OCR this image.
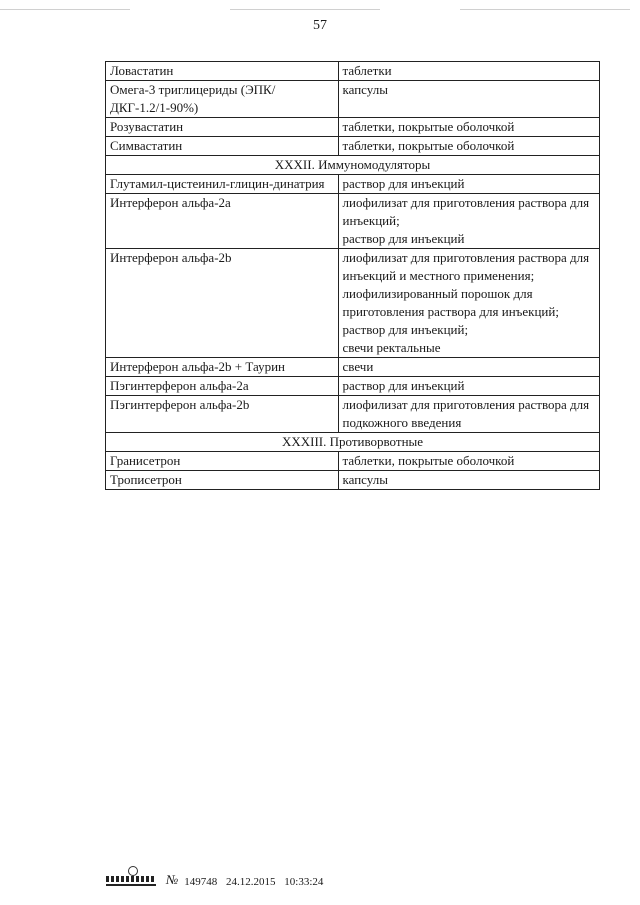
57
Ловастатин	таблетки

Омега-3 триглицериды (ЭПК/ДКГ-1.2/1-90%)	капсулы

Розувастатин	таблетки, покрытые оболочкой

Симвастатин	таблетки, покрытые оболочкой

XXXII. Иммуномодуляторы	
Глутамил-цистеинил-глицин-динатрия	раствор для инъекций

Интерферон альфа-2а	лиофилизат для приготовления раствора для инъекций;
раствор для инъекций

Интерферон альфа-2b	лиофилизат для приготовления раствора для инъекций и местного применения;
лиофилизированный порошок для приготовления раствора для инъекций;
раствор для инъекций;
свечи ректальные

Интерферон альфа-2b + Таурин	свечи

Пэгинтерферон альфа-2а	раствор для инъекций

Пэгинтерферон альфа-2b	лиофилизат для приготовления раствора для подкожного введения

XXXIII. Противорвотные	
Гранисетрон	таблетки, покрытые оболочкой

Трописетрон	капсулы
№ 149748 24.12.2015 10:33:24
